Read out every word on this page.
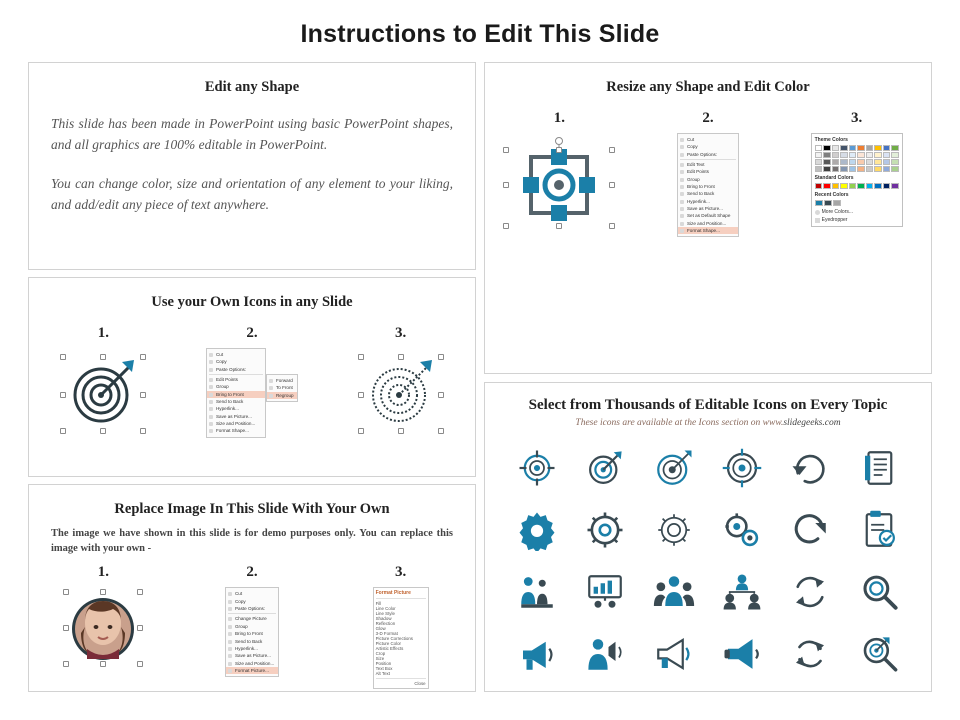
Instructions to Edit This Slide
Edit any Shape
This slide has been made in PowerPoint using basic PowerPoint shapes, and all graphics are 100% editable in PowerPoint.
You can change color, size and orientation of any element to your liking, and add/edit any piece of text anywhere.
Resize any Shape and Edit Color
1.	2.	3.
Cut
Copy
Paste Options:
Edit Text
Edit Points
Group
Bring to Front
Send to Back
Hyperlink...
Save as Picture...
Set as Default Shape
Size and Position...
Format Shape...
Theme Colors
Standard Colors
Recent Colors
More Colors...
Eyedropper
Use your Own Icons in any Slide
1.	2.	3.
Cut
Copy
Paste Options:
Edit Points
Group
Bring to Front
Send to Back
Hyperlink...
Save as Picture...
Size and Position...
Format Shape...
Forward
To Front
Regroup
Replace Image In This Slide With Your Own
The image we have shown in this slide is for demo purposes only. You can replace this image with your own -
1.	2.	3.
Cut
Copy
Paste Options:
Change Picture
Group
Bring to Front
Send to Back
Hyperlink...
Save as Picture...
Size and Position...
Format Picture...
Format Picture
Fill
Line Color
Line Style
Shadow
Reflection
Glow
3-D Format
Picture Corrections
Picture Color
Artistic Effects
Crop
Size
Position
Text Box
Alt Text
Close
Select from Thousands of Editable Icons on Every Topic
These icons are available at the Icons section on www.slidegeeks.com
